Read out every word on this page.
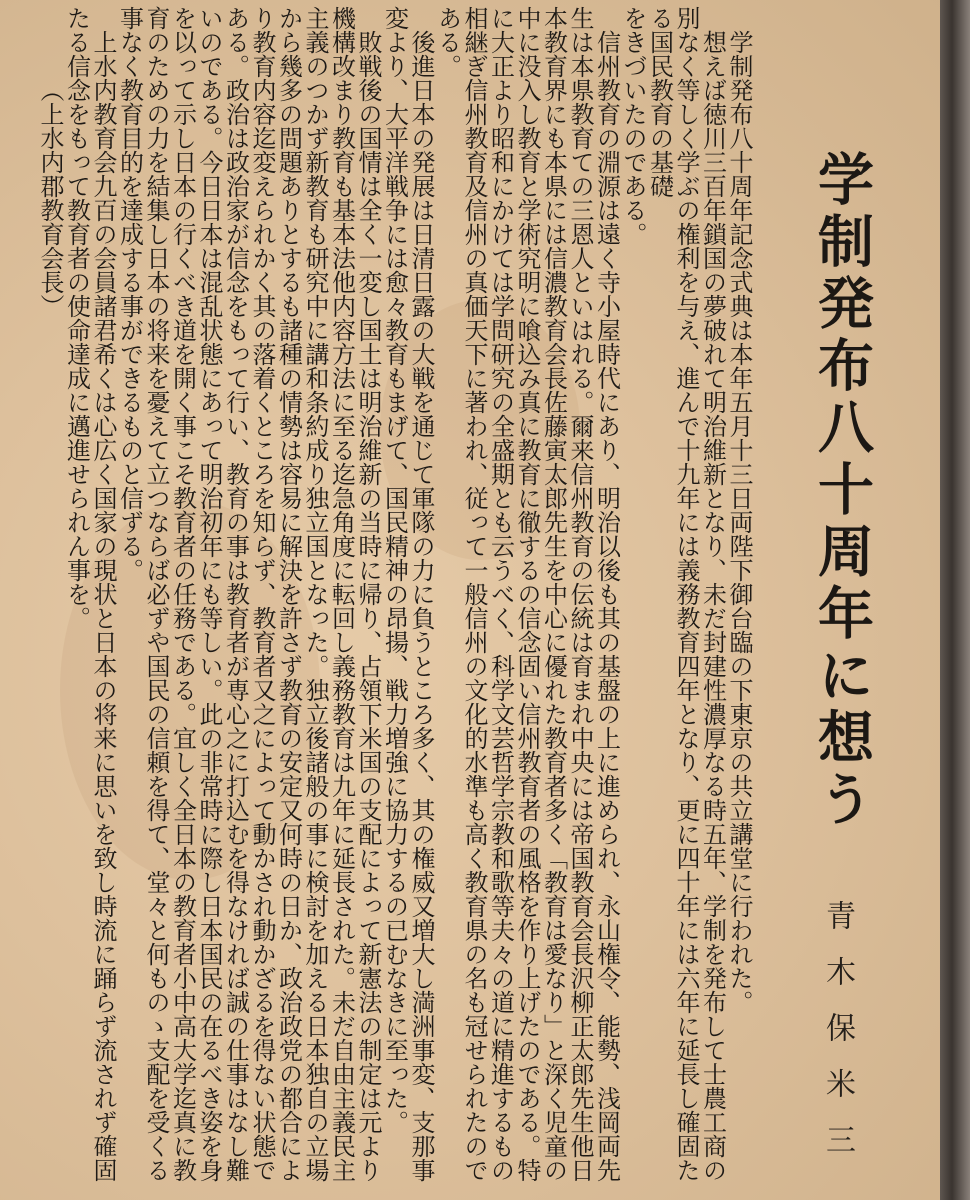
学制発布八十周年に想う
青木保米三

学制発布八十周年記念式典は本年五月十三日両陛下御台臨の下東京の共立講堂に行われた。

想えば徳川三百年鎖国の夢破れて明治維新となり、未だ封建性濃厚なる時五年、学制を発布して士農工商の別なく等しく学ぶの権利を与え、進んで十九年には義務教育四年となり、更に四十年には六年に延長し確固たる国民教育の基礎

をきづいたのである。

信州教育の淵源は遠く寺小屋時代にあり、明治以後も其の基盤の上に進められ、永山権令、能勢、浅岡両先生は本県教育ての三恩人といはれる。爾来信州教育の伝統は育まれ中央には帝国教育会長沢柳正太郎先生他日本教育界にも本県には信濃教育会長佐藤寅太郎先生を中心に優れた教育者多く「教育は愛なり」と深く児童の中に没入し教育と学術究明に喰込み真に教育に徹するの信念固い信州教育者の風格を作り上げたのである。特に大正より昭和にかけては学問研究の全盛期とも云うべく、科学文芸哲学宗教和歌等夫々の道に精進するもの相継ぎ信州教育及信州の真価天下に著われ、従って一般信州の文化的水準も高く教育県の名も冠せられたのである。

後進日本の発展は日清日露の大戦を通じて軍隊の力に負うところ多く、其の権威又増大し満洲事変、支那事変より、大平洋戦争には愈々教育もまげて、国民精神の昂揚、戦力増強に協力するの已むなきに至った。

敗戦後の国情は全く一変し国土は明治維新の当時に帰り、占領下米国の支配によって新憲法の制定は元より機構改まり教育も基本法他内容方法に至る迄急角度に転回し義務教育は九年に延長された。未だ自由主義民主主義のつかず新教育も研究中に講和条約成り独立国となった。独立後諸般の事に検討を加える日本独自の立場から幾多の問題ありとするも諸種の情勢は容易に解決を許さず教育の安定又何時の日か、政治政党の都合により教育内容迄変えられかく其の落着くところを知らず、教育者又之によって動かされ動かざるを得ない状態である。政治は政治家が信念をもって行い、教育の事は教育者が専心之に打込むを得なければ誠の仕事はなし難いのである。今日日本は混乱状態にあって明治初年にも等しい。此の非常時に際し日本国民の在るべき姿を身を以って示し日本の行くべき道を開く事こそ教育者の任務である。宜しく全日本の教育者小中高大学迄真に教育のための力を結集し日本の将来を憂えて立つならば必ずや国民の信頼を得て、堂々と何ものゝ支配を受くる事なく教育目的を達成する事ができるものと信ずる。

上水内教育会九百の会員諸君希くは心広く国家の現状と日本の将来に思いを致し時流に踊らず流されず確固たる信念をもって教育者の使命達成に邁進せられん事を。

（上水内郡教育会長）
